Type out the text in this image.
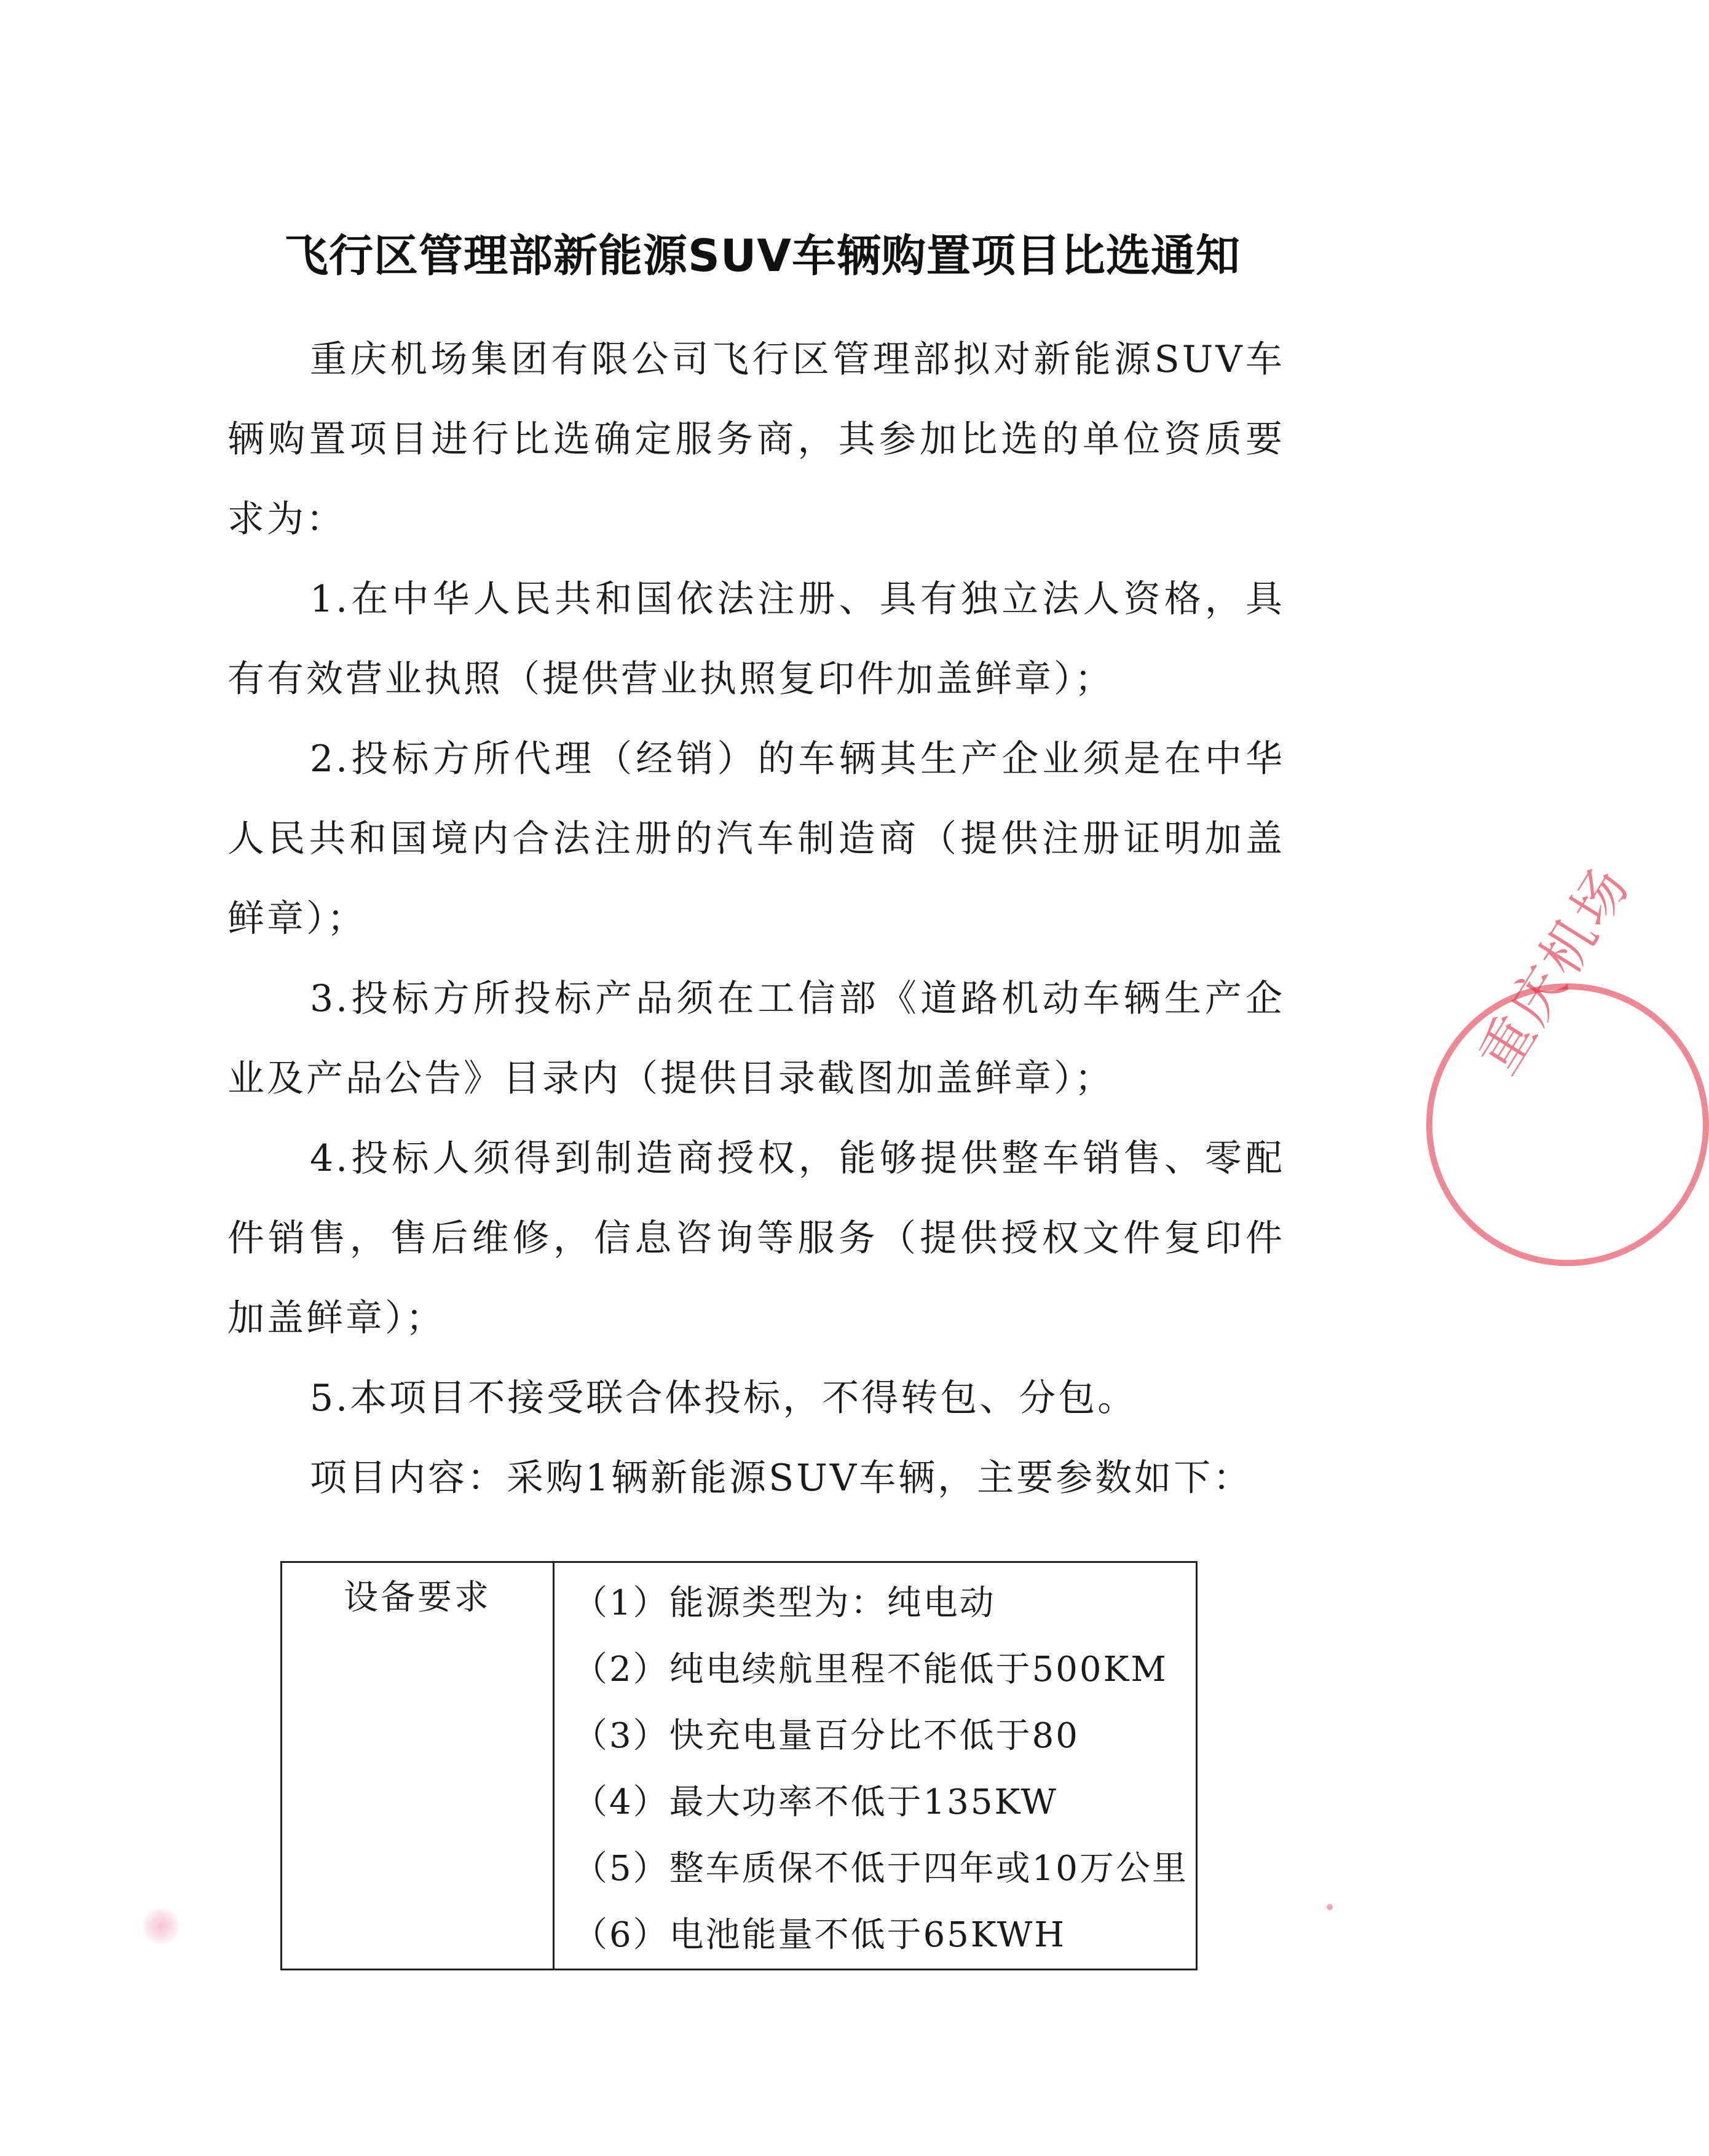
飞行区管理部新能源SUV车辆购置项目比选通知

重庆机场集团有限公司飞行区管理部拟对新能源SUV车辆购置项目进行比选确定服务商，其参加比选的单位资质要求为：

1.在中华人民共和国依法注册、具有独立法人资格，具有有效营业执照（提供营业执照复印件加盖鲜章）；

2.投标方所代理（经销）的车辆其生产企业须是在中华人民共和国境内合法注册的汽车制造商（提供注册证明加盖鲜章）；

3.投标方所投标产品须在工信部《道路机动车辆生产企业及产品公告》目录内（提供目录截图加盖鲜章）；

4.投标人须得到制造商授权，能够提供整车销售、零配件销售，售后维修，信息咨询等服务（提供授权文件复印件加盖鲜章）；

5.本项目不接受联合体投标，不得转包、分包。

项目内容：采购1辆新能源SUV车辆，主要参数如下：

设备要求	（1）能源类型为：纯电动
（2）纯电续航里程不能低于500KM
（3）快充电量百分比不低于80
（4）最大功率不低于135KW
（5）整车质保不低于四年或10万公里
（6）电池能量不低于65KWH
重庆机场
